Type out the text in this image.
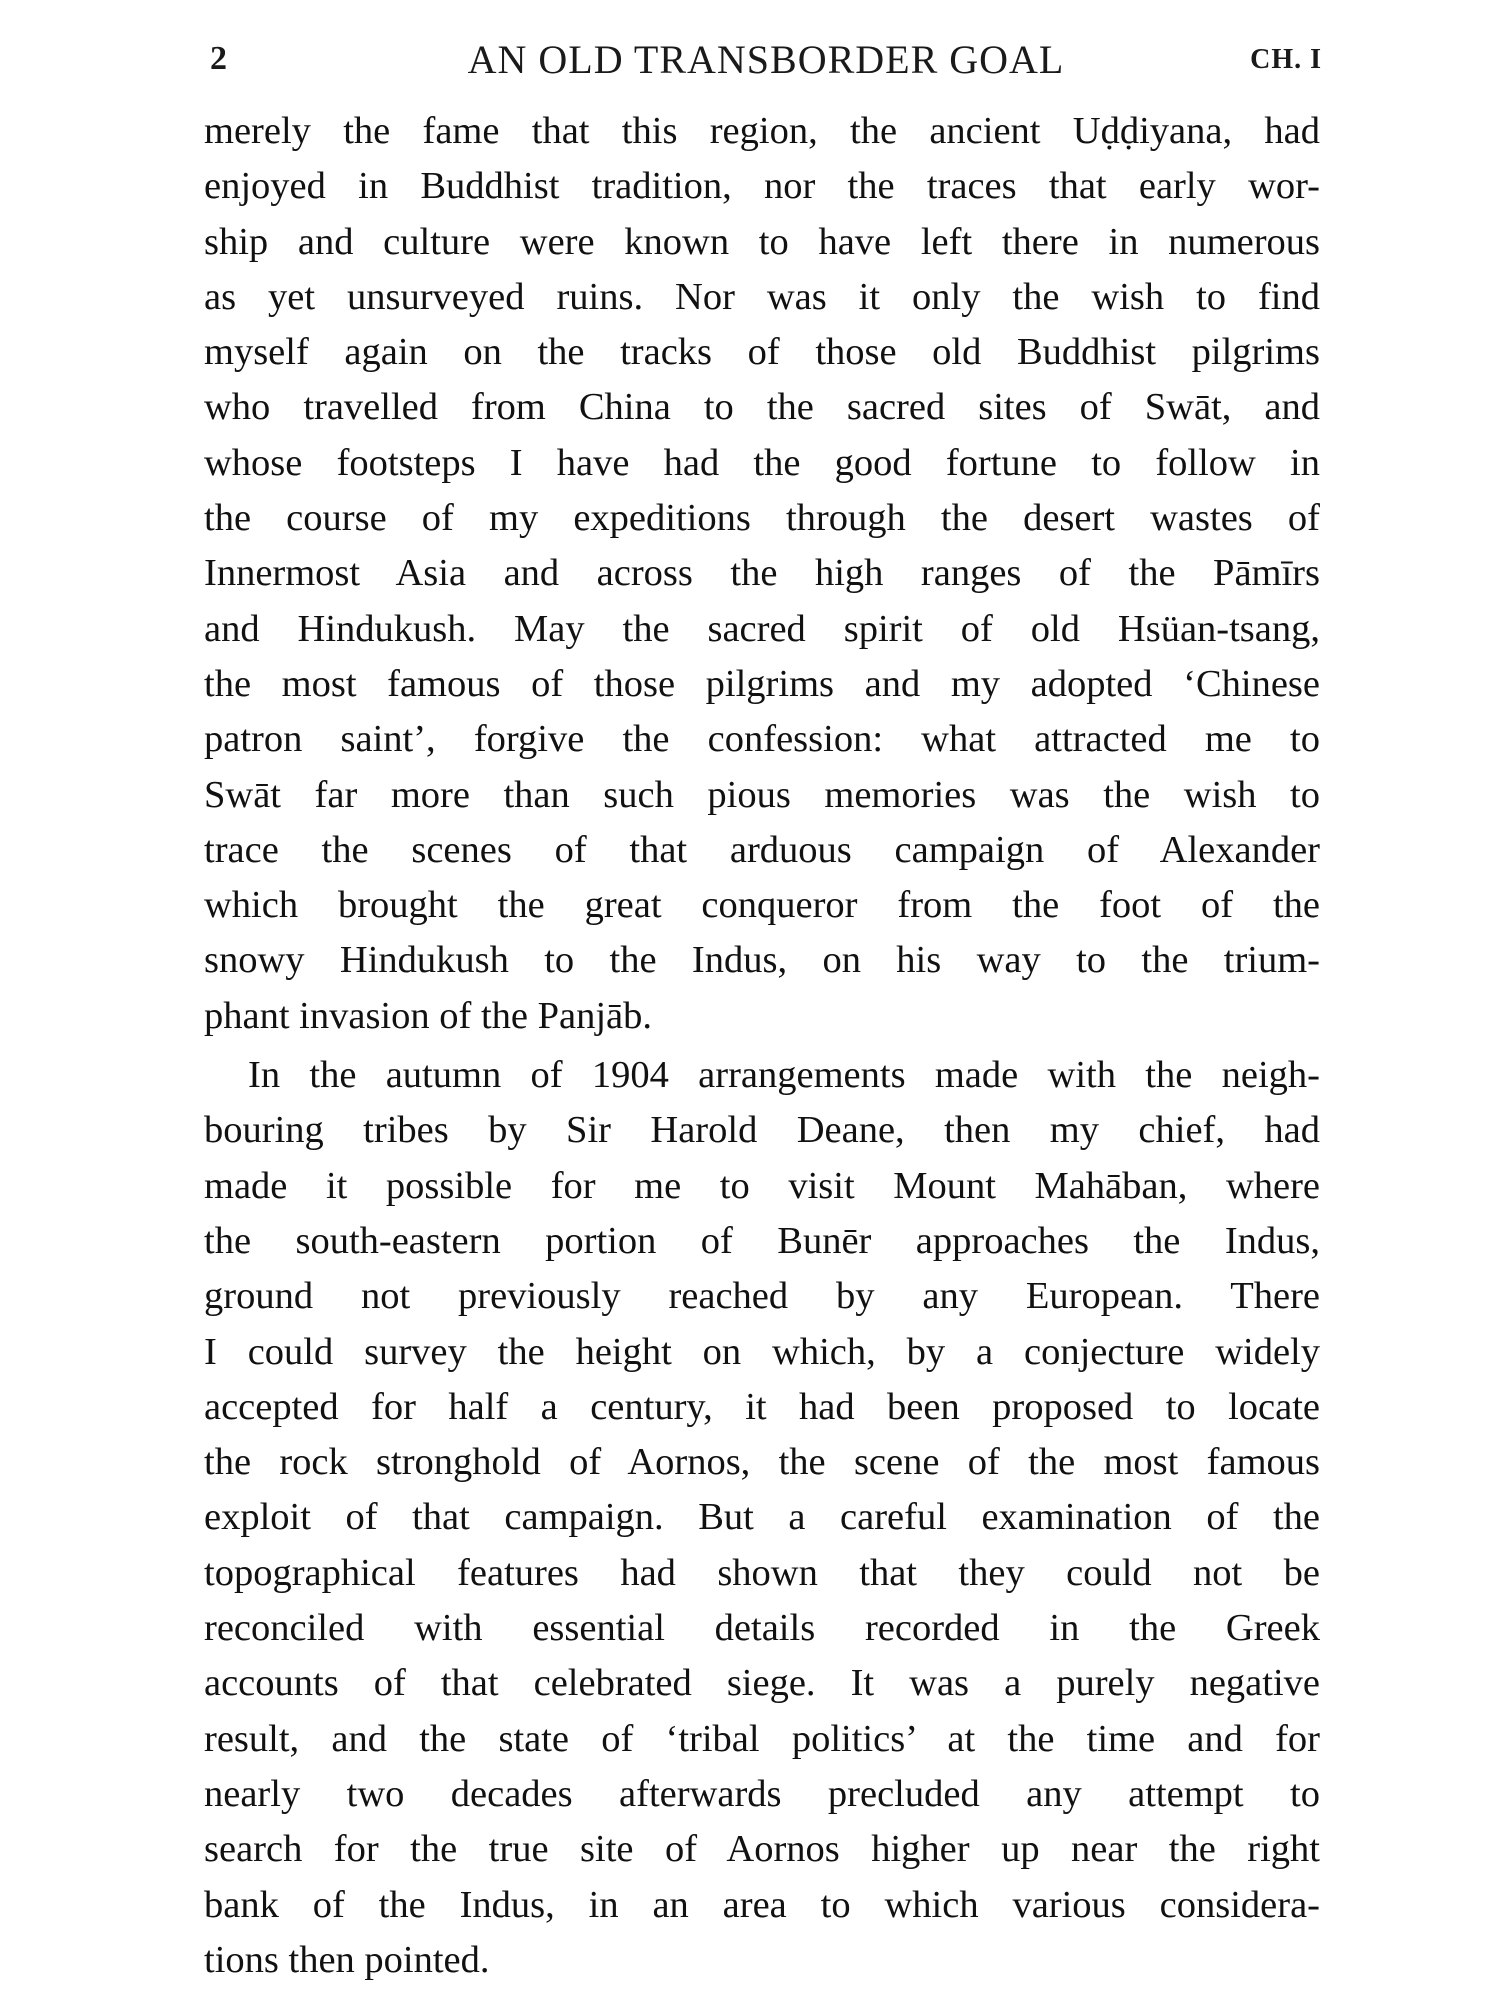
2	AN OLD TRANSBORDER GOAL	CH. I
merely the fame that this region, the ancient Uḍḍiyana, had
enjoyed in Buddhist tradition, nor the traces that early wor-
ship and culture were known to have left there in numerous
as yet unsurveyed ruins. Nor was it only the wish to find
myself again on the tracks of those old Buddhist pilgrims
who travelled from China to the sacred sites of Swāt, and
whose footsteps I have had the good fortune to follow in
the course of my expeditions through the desert wastes of
Innermost Asia and across the high ranges of the Pāmīrs
and Hindukush. May the sacred spirit of old Hsüan-tsang,
the most famous of those pilgrims and my adopted ‘Chinese
patron saint’, forgive the confession: what attracted me to
Swāt far more than such pious memories was the wish to
trace the scenes of that arduous campaign of Alexander
which brought the great conqueror from the foot of the
snowy Hindukush to the Indus, on his way to the trium-
phant invasion of the Panjāb.
In the autumn of 1904 arrangements made with the neigh-
bouring tribes by Sir Harold Deane, then my chief, had
made it possible for me to visit Mount Mahāban, where
the south-eastern portion of Bunēr approaches the Indus,
ground not previously reached by any European. There
I could survey the height on which, by a conjecture widely
accepted for half a century, it had been proposed to locate
the rock stronghold of Aornos, the scene of the most famous
exploit of that campaign. But a careful examination of the
topographical features had shown that they could not be
reconciled with essential details recorded in the Greek
accounts of that celebrated siege. It was a purely negative
result, and the state of ‘tribal politics’ at the time and for
nearly two decades afterwards precluded any attempt to
search for the true site of Aornos higher up near the right
bank of the Indus, in an area to which various considera-
tions then pointed.
